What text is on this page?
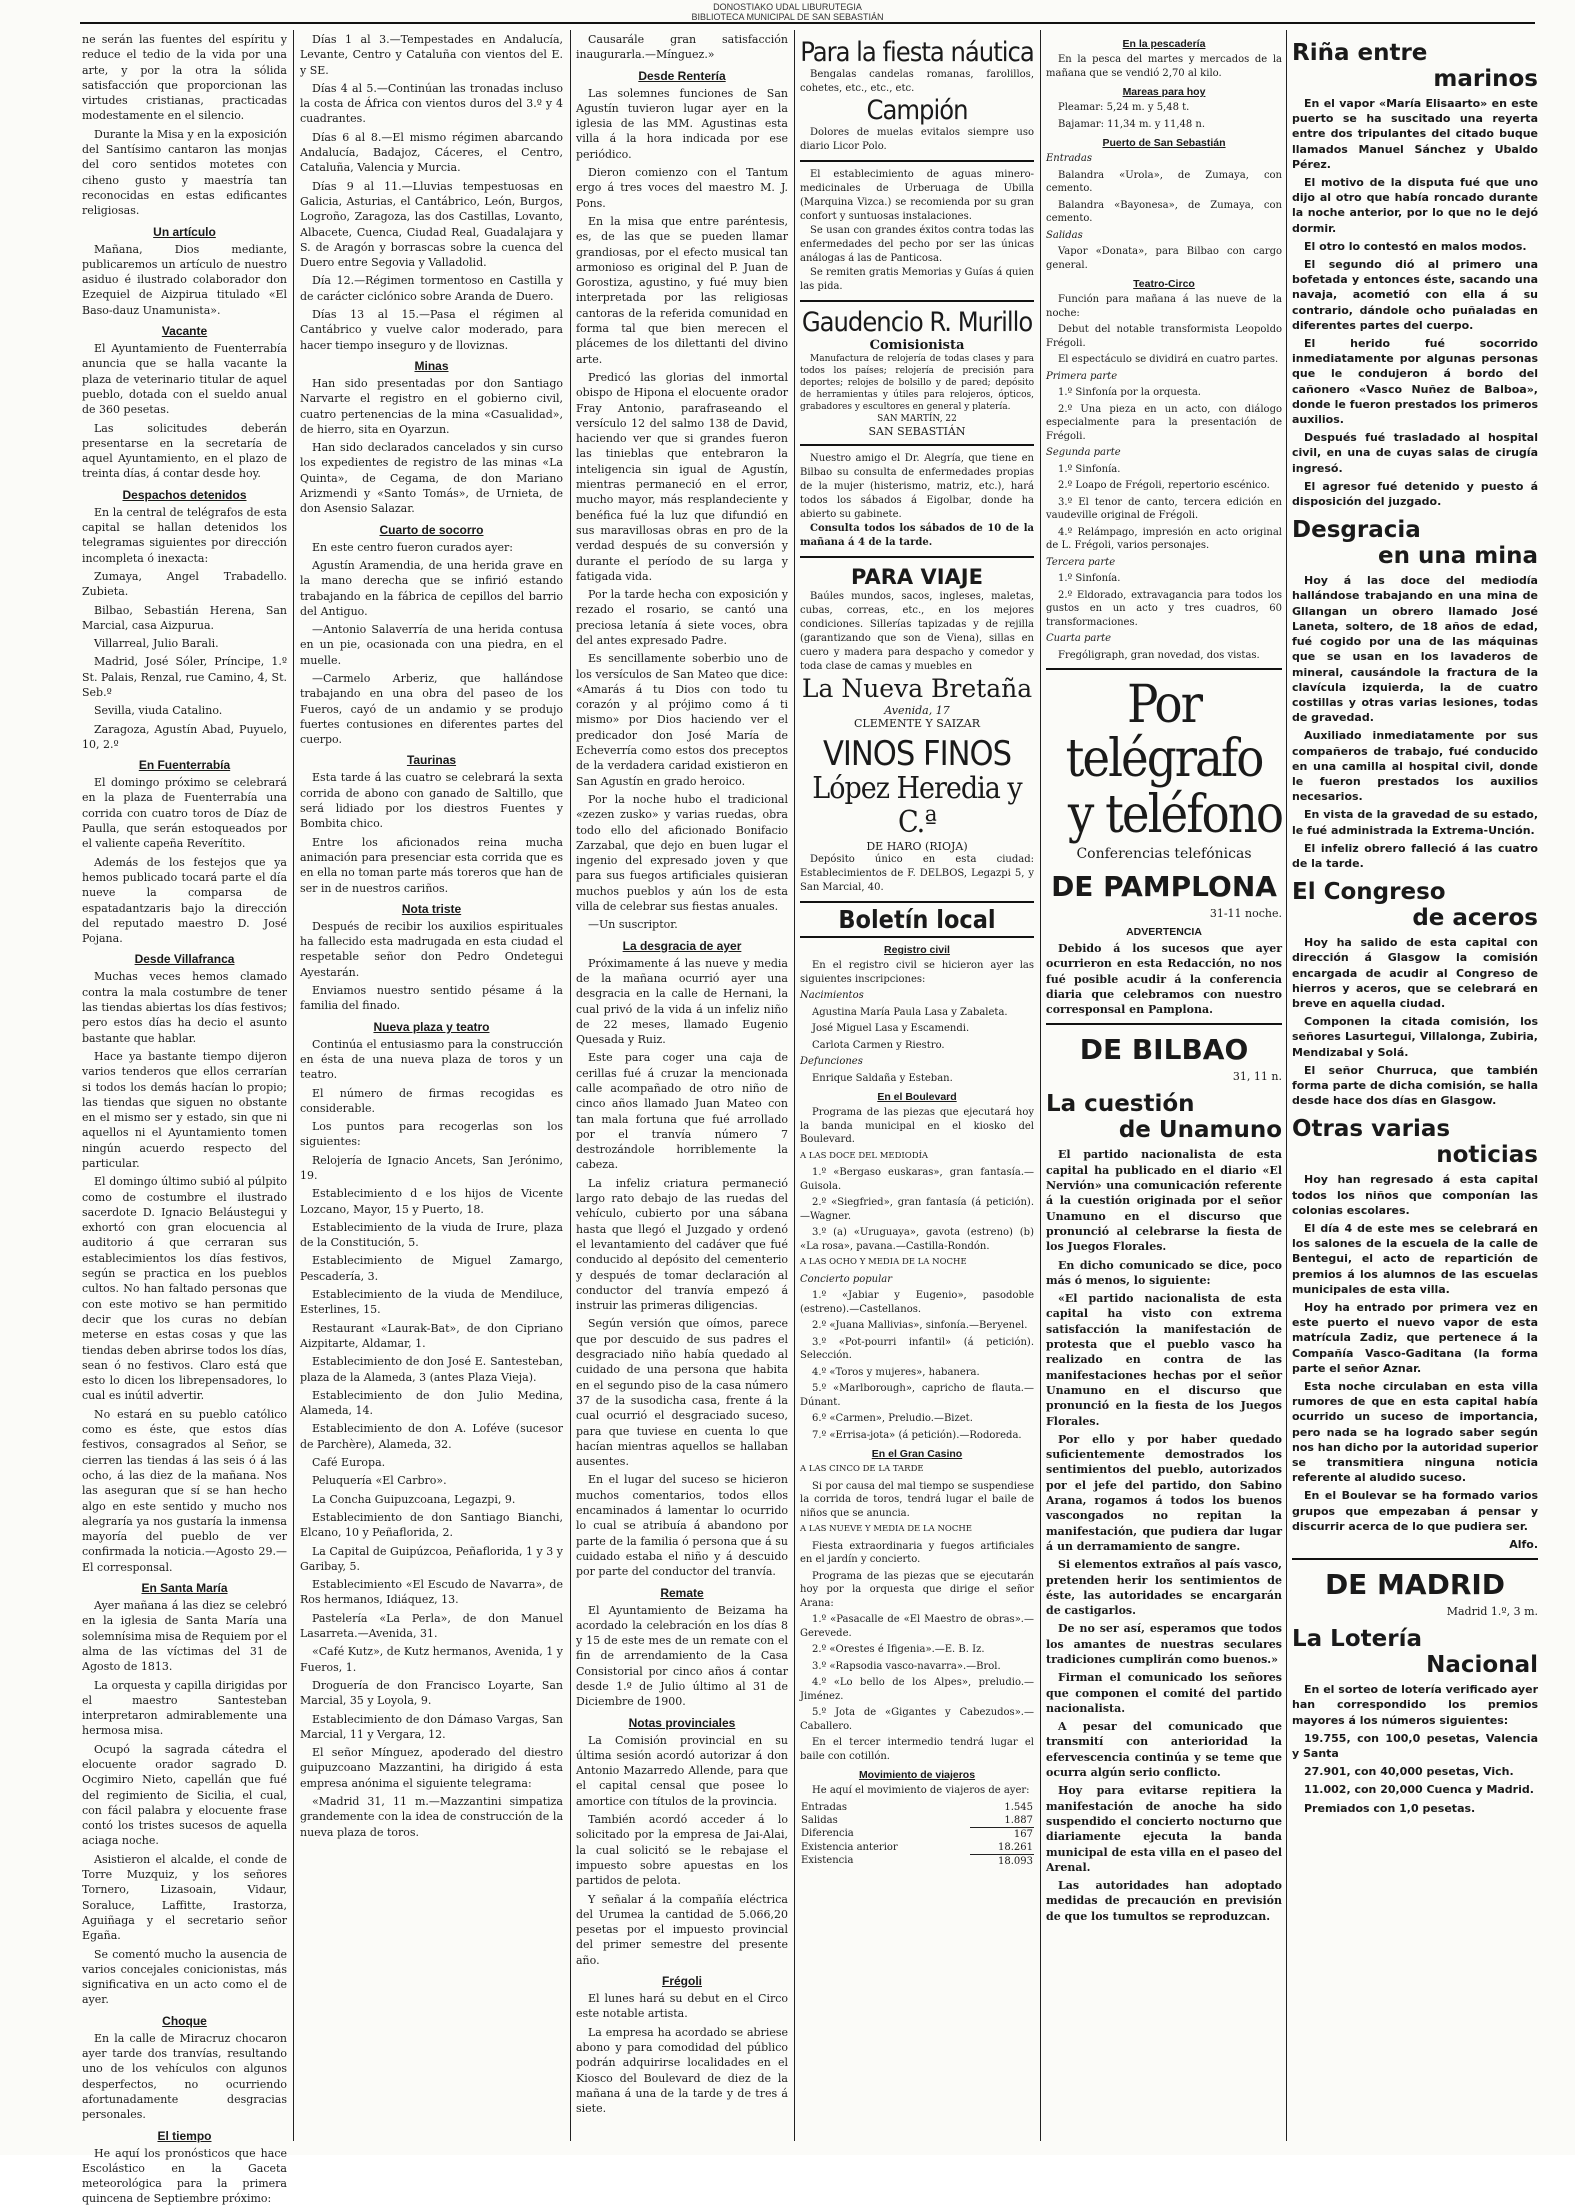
DONOSTIAKO UDAL LIBURUTEGIA
BIBLIOTECA MUNICIPAL DE SAN SEBASTIÁN

ne serán las fuentes del espíritu y reduce el tedio de la vida por una arte, y por la otra la sólida satisfacción que proporcionan las virtudes cristianas, practicadas modestamente en el silencio.

Durante la Misa y en la exposición del Santísimo cantaron las monjas del coro sentidos motetes con ciheno gusto y maestría tan reconocidas en estas edificantes religiosas.

Un artículo

Mañana, Dios mediante, publicaremos un artículo de nuestro asiduo é ilustrado colaborador don Ezequiel de Aizpirua titulado «El Baso-dauz Unamunista».

Vacante

El Ayuntamiento de Fuenterrabía anuncia que se halla vacante la plaza de veterinario titular de aquel pueblo, dotada con el sueldo anual de 360 pesetas.

Las solicitudes deberán presentarse en la secretaría de aquel Ayuntamiento, en el plazo de treinta días, á contar desde hoy.

Despachos detenidos

En la central de telégrafos de esta capital se hallan detenidos los telegramas siguientes por dirección incompleta ó inexacta:

Zumaya, Angel Trabadello. Zubieta.

Bilbao, Sebastián Herena, San Marcial, casa Aizpurua.

Villarreal, Julio Barali.

Madrid, José Sóler, Príncipe, 1.º St. Palais, Renzal, rue Camino, 4, St. Seb.º

Sevilla, viuda Catalino.

Zaragoza, Agustín Abad, Puyuelo, 10, 2.º

En Fuenterrabía

El domingo próximo se celebrará en la plaza de Fuenterrabía una corrida con cuatro toros de Díaz de Paulla, que serán estoqueados por el valiente capeña Reverítito.

Además de los festejos que ya hemos publicado tocará parte el día nueve la comparsa de espatadantzaris bajo la dirección del reputado maestro D. José Pojana.

Desde Villafranca

Muchas veces hemos clamado contra la mala costumbre de tener las tiendas abiertas los días festivos; pero estos días ha decio el asunto bastante que hablar.

Hace ya bastante tiempo dijeron varios tenderos que ellos cerrarían si todos los demás hacían lo propio; las tiendas que siguen no obstante en el mismo ser y estado, sin que ni aquellos ni el Ayuntamiento tomen ningún acuerdo respecto del particular.

El domingo último subió al púlpito como de costumbre el ilustrado sacerdote D. Ignacio Beláustegui y exhortó con gran elocuencia al auditorio á que cerraran sus establecimientos los días festivos, según se practica en los pueblos cultos. No han faltado personas que con este motivo se han permitido decir que los curas no debían meterse en estas cosas y que las tiendas deben abrirse todos los días, sean ó no festivos. Claro está que esto lo dicen los librepensadores, lo cual es inútil advertir.

No estará en su pueblo católico como es éste, que estos días festivos, consagrados al Señor, se cierren las tiendas á las seis ó á las ocho, á las diez de la mañana. Nos las aseguran que sí se han hecho algo en este sentido y mucho nos alegraría ya nos gustaría la inmensa mayoría del pueblo de ver confirmada la noticia.—Agosto 29.—El corresponsal.

En Santa María

Ayer mañana á las diez se celebró en la iglesia de Santa María una solemnísima misa de Requiem por el alma de las víctimas del 31 de Agosto de 1813.

La orquesta y capilla dirigidas por el maestro Santesteban interpretaron admirablemente una hermosa misa.

Ocupó la sagrada cátedra el elocuente orador sagrado D. Ocgimiro Nieto, capellán que fué del regimiento de Sicilia, el cual, con fácil palabra y elocuente frase contó los tristes sucesos de aquella aciaga noche.

Asistieron el alcalde, el conde de Torre Muzquiz, y los señores Tornero, Lizasoain, Vidaur, Soraluce, Laffitte, Irastorza, Aguiñaga y el secretario señor Egaña.

Se comentó mucho la ausencia de varios concejales conicionistas, más significativa en un acto como el de ayer.

Choque

En la calle de Miracruz chocaron ayer tarde dos tranvías, resultando uno de los vehículos con algunos desperfectos, no ocurriendo afortunadamente desgracias personales.

El tiempo

He aquí los pronósticos que hace Escolástico en la Gaceta meteorológica para la primera quincena de Septiembre próximo:

Días 1 al 3.—Tempestades en Andalucía, Levante, Centro y Cataluña con vientos del E. y SE.

Días 4 al 5.—Continúan las tronadas incluso la costa de África con vientos duros del 3.º y 4 cuadrantes.

Días 6 al 8.—El mismo régimen abarcando Andalucía, Badajoz, Cáceres, el Centro, Cataluña, Valencia y Murcia.

Días 9 al 11.—Lluvias tempestuosas en Galicia, Asturias, el Cantábrico, León, Burgos, Logroño, Zaragoza, las dos Castillas, Lovanto, Albacete, Cuenca, Ciudad Real, Guadalajara y S. de Aragón y borrascas sobre la cuenca del Duero entre Segovia y Valladolid.

Día 12.—Régimen tormentoso en Castilla y de carácter ciclónico sobre Aranda de Duero.

Días 13 al 15.—Pasa el régimen al Cantábrico y vuelve calor moderado, para hacer tiempo inseguro y de lloviznas.

Minas

Han sido presentadas por don Santiago Narvarte el registro en el gobierno civil, cuatro pertenencias de la mina «Casualidad», de hierro, sita en Oyarzun.

Han sido declarados cancelados y sin curso los expedientes de registro de las minas «La Quinta», de Cegama, de don Mariano Arizmendi y «Santo Tomás», de Urnieta, de don Asensio Salazar.

Cuarto de socorro

En este centro fueron curados ayer:

Agustín Aramendia, de una herida grave en la mano derecha que se infirió estando trabajando en la fábrica de cepillos del barrio del Antiguo.

—Antonio Salaverría de una herida contusa en un pie, ocasionada con una piedra, en el muelle.

—Carmelo Arberiz, que hallándose trabajando en una obra del paseo de los Fueros, cayó de un andamio y se produjo fuertes contusiones en diferentes partes del cuerpo.

Taurinas

Esta tarde á las cuatro se celebrará la sexta corrida de abono con ganado de Saltillo, que será lidiado por los diestros Fuentes y Bombita chico.

Entre los aficionados reina mucha animación para presenciar esta corrida que es en ella no toman parte más toreros que han de ser in de nuestros cariños.

Nota triste

Después de recibir los auxilios espirituales ha fallecido esta madrugada en esta ciudad el respetable señor don Pedro Ondetegui Ayestarán.

Enviamos nuestro sentido pésame á la familia del finado.

Nueva plaza y teatro

Continúa el entusiasmo para la construcción en ésta de una nueva plaza de toros y un teatro.

El número de firmas recogidas es considerable.

Los puntos para recogerlas son los siguientes:

Relojería de Ignacio Ancets, San Jerónimo, 19.

Establecimiento d e los hijos de Vicente Lozcano, Mayor, 15 y Puerto, 18.

Establecimiento de la viuda de Irure, plaza de la Constitución, 5.

Establecimiento de Miguel Zamargo, Pescadería, 3.

Establecimiento de la viuda de Mendiluce, Esterlines, 15.

Restaurant «Laurak-Bat», de don Cipriano Aizpitarte, Aldamar, 1.

Establecimiento de don José E. Santesteban, plaza de la Alameda, 3 (antes Plaza Vieja).

Establecimiento de don Julio Medina, Alameda, 14.

Establecimiento de don A. Loféve (sucesor de Parchère), Alameda, 32.

Café Europa.

Peluquería «El Carbro».

La Concha Guipuzcoana, Legazpi, 9.

Establecimiento de don Santiago Bianchi, Elcano, 10 y Peñaflorida, 2.

La Capital de Guipúzcoa, Peñaflorida, 1 y 3 y Garibay, 5.

Establecimiento «El Escudo de Navarra», de Ros hermanos, Idiáquez, 13.

Pastelería «La Perla», de don Manuel Lasarreta.—Avenida, 31.

«Café Kutz», de Kutz hermanos, Avenida, 1 y Fueros, 1.

Droguería de don Francisco Loyarte, San Marcial, 35 y Loyola, 9.

Establecimiento de don Dámaso Vargas, San Marcial, 11 y Vergara, 12.

El señor Mínguez, apoderado del diestro guipuzcoano Mazzantini, ha dirigido á esta empresa anónima el siguiente telegrama:

«Madrid 31, 11 m.—Mazzantini simpatiza grandemente con la idea de construcción de la nueva plaza de toros.

Causarále gran satisfacción inaugurarla.—Mínguez.»

Desde Rentería

Las solemnes funciones de San Agustín tuvieron lugar ayer en la iglesia de las MM. Agustinas esta villa á la hora indicada por ese periódico.

Dieron comienzo con el Tantum ergo á tres voces del maestro M. J. Pons.

En la misa que entre paréntesis, es, de las que se pueden llamar grandiosas, por el efecto musical tan armonioso es original del P. Juan de Gorostiza, agustino, y fué muy bien interpretada por las religiosas cantoras de la referida comunidad en forma tal que bien merecen el plácemes de los dilettanti del divino arte.

Predicó las glorias del inmortal obispo de Hipona el elocuente orador Fray Antonio, parafraseando el versículo 12 del salmo 138 de David, haciendo ver que si grandes fueron las tinieblas que entebraron la inteligencia sin igual de Agustín, mientras permaneció en el error, mucho mayor, más resplandeciente y benéfica fué la luz que difundió en sus maravillosas obras en pro de la verdad después de su conversión y durante el período de su larga y fatigada vida.

Por la tarde hecha con exposición y rezado el rosario, se cantó una preciosa letanía á siete voces, obra del antes expresado Padre.

Es sencillamente soberbio uno de los versículos de San Mateo que dice: «Amarás á tu Dios con todo tu corazón y al prójimo como á ti mismo» por Dios haciendo ver el predicador don José María de Echeverría como estos dos preceptos de la verdadera caridad existieron en San Agustín en grado heroico.

Por la noche hubo el tradicional «zezen zusko» y varias ruedas, obra todo ello del aficionado Bonifacio Zarzabal, que dejo en buen lugar el ingenio del expresado joven y que para sus fuegos artificiales quisieran muchos pueblos y aún los de esta villa de celebrar sus fiestas anuales.

—Un suscriptor.

La desgracia de ayer

Próximamente á las nueve y media de la mañana ocurrió ayer una desgracia en la calle de Hernani, la cual privó de la vida á un infeliz niño de 22 meses, llamado Eugenio Quesada y Ruiz.

Este para coger una caja de cerillas fué á cruzar la mencionada calle acompañado de otro niño de cinco años llamado Juan Mateo con tan mala fortuna que fué arrollado por el tranvía número 7 destrozándole horriblemente la cabeza.

La infeliz criatura permaneció largo rato debajo de las ruedas del vehículo, cubierto por una sábana hasta que llegó el Juzgado y ordenó el levantamiento del cadáver que fué conducido al depósito del cementerio y después de tomar declaración al conductor del tranvía empezó á instruir las primeras diligencias.

Según versión que oímos, parece que por descuido de sus padres el desgraciado niño había quedado al cuidado de una persona que habita en el segundo piso de la casa número 37 de la susodicha casa, frente á la cual ocurrió el desgraciado suceso, para que tuviese en cuenta lo que hacían mientras aquellos se hallaban ausentes.

En el lugar del suceso se hicieron muchos comentarios, todos ellos encaminados á lamentar lo ocurrido lo cual se atribuía á abandono por parte de la familia ó persona que á su cuidado estaba el niño y á descuido por parte del conductor del tranvía.

Remate

El Ayuntamiento de Beizama ha acordado la celebración en los días 8 y 15 de este mes de un remate con el fin de arrendamiento de la Casa Consistorial por cinco años á contar desde 1.º de Julio último al 31 de Diciembre de 1900.

Notas provinciales

La Comisión provincial en su última sesión acordó autorizar á don Antonio Mazarredo Allende, para que el capital censal que posee lo amortice con títulos de la provincia.

También acordó acceder á lo solicitado por la empresa de Jai-Alai, la cual solicitó se le rebajase el impuesto sobre apuestas en los partidos de pelota.

Y señalar á la compañía eléctrica del Urumea la cantidad de 5.066,20 pesetas por el impuesto provincial del primer semestre del presente año.

Frégoli

El lunes hará su debut en el Circo este notable artista.

La empresa ha acordado se abriese abono y para comodidad del público podrán adquirirse localidades en el Kiosco del Boulevard de diez de la mañana á una de la tarde y de tres á siete.

Para la fiesta náutica
Bengalas candelas romanas, farolillos, cohetes, etc., etc., etc.
Campión
Dolores de muelas evitalos siempre uso diario Licor Polo.
El establecimiento de aguas minero-medicinales de Urberuaga de Ubilla (Marquina Vizca.) se recomienda por su gran confort y suntuosas instalaciones.
Se usan con grandes éxitos contra todas las enfermedades del pecho por ser las únicas análogas á las de Panticosa.
Se remiten gratis Memorias y Guías á quien las pida.
Gaudencio R. Murillo
Comisionista
Manufactura de relojería de todas clases y para todos los países; relojería de precisión para deportes; relojes de bolsillo y de pared; depósito de herramientas y útiles para relojeros, ópticos, grabadores y escultores en general y platería.
SAN MARTÍN, 22
SAN SEBASTIÁN
Nuestro amigo el Dr. Alegría, que tiene en Bilbao su consulta de enfermedades propias de la mujer (histerismo, matriz, etc.), hará todos los sábados á Eigolbar, donde ha abierto su gabinete.
Consulta todos los sábados de 10 de la mañana á 4 de la tarde.
PARA VIAJE
Baúles mundos, sacos, ingleses, maletas, cubas, correas, etc., en los mejores condiciones. Sillerías tapizadas y de rejilla (garantizando que son de Viena), sillas en cuero y madera para despacho y comedor y toda clase de camas y muebles en
La Nueva Bretaña
Avenida, 17
CLEMENTE Y SAIZAR
VINOS FINOS
López Heredia y C.ª
DE HARO (RIOJA)
Depósito único en esta ciudad: Establecimientos de F. DELBOS, Legazpi 5, y San Marcial, 40.
Boletín local
Registro civil

En el registro civil se hicieron ayer las siguientes inscripciones:

Nacimientos

Agustina María Paula Lasa y Zabaleta.

José Miguel Lasa y Escamendi.

Carlota Carmen y Riestro.

Defunciones

Enrique Saldaña y Esteban.

En el Boulevard

Programa de las piezas que ejecutará hoy la banda municipal en el kiosko del Boulevard.

A LAS DOCE DEL MEDIODÍA

1.º «Bergaso euskaras», gran fantasía.—Guisola.

2.º «Siegfried», gran fantasía (á petición).—Wagner.

3.º (a) «Uruguaya», gavota (estreno) (b) «La rosa», pavana.—Castilla-Rondón.

A LAS OCHO Y MEDIA DE LA NOCHE

Concierto popular

1.º «Jabiar y Eugenio», pasodoble (estreno).—Castellanos.

2.º «Juana Mallivias», sinfonía.—Beryenel.

3.º «Pot-pourri infantil» (á petición). Selección.

4.º «Toros y mujeres», habanera.

5.º «Marlborough», capricho de flauta.—Dúnant.

6.º «Carmen», Preludio.—Bizet.

7.º «Errisa-jota» (á petición).—Rodoreda.

En el Gran Casino

A LAS CINCO DE LA TARDE

Si por causa del mal tiempo se suspendiese la corrida de toros, tendrá lugar el baile de niños que se anuncia.

A LAS NUEVE Y MEDIA DE LA NOCHE

Fiesta extraordinaria y fuegos artificiales en el jardín y concierto.

Programa de las piezas que se ejecutarán hoy por la orquesta que dirige el señor Arana:

1.º «Pasacalle de «El Maestro de obras».—Gerevede.

2.º «Orestes é Ifigenia».—E. B. Iz.

3.º «Rapsodia vasco-navarra».—Brol.

4.º «Lo bello de los Alpes», preludio.—Jiménez.

5.º Jota de «Gigantes y Cabezudos».—Caballero.

En el tercer intermedio tendrá lugar el baile con cotillón.

Movimiento de viajeros

He aquí el movimiento de viajeros de ayer:

Entradas	1.545
Salidas	1.887
Diferencia	167
Existencia anterior	18.261
Existencia	18.093
En la pescadería

En la pesca del martes y mercados de la mañana que se vendió 2,70 al kilo.

Mareas para hoy

Pleamar: 5,24 m. y 5,48 t.

Bajamar: 11,34 m. y 11,48 n.

Puerto de San Sebastián

Entradas

Balandra «Urola», de Zumaya, con cemento.

Balandra «Bayonesa», de Zumaya, con cemento.

Salidas

Vapor «Donata», para Bilbao con cargo general.

Teatro-Circo

Función para mañana á las nueve de la noche:

Debut del notable transformista Leopoldo Frégoli.

El espectáculo se dividirá en cuatro partes.

Primera parte

1.º Sinfonía por la orquesta.

2.º Una pieza en un acto, con diálogo especialmente para la presentación de Frégoli.

Segunda parte

1.º Sinfonía.

2.º Loapo de Frégoli, repertorio escénico.

3.º El tenor de canto, tercera edición en vaudeville original de Frégoli.

4.º Relámpago, impresión en acto original de L. Frégoli, varios personajes.

Tercera parte

1.º Sinfonía.

2.º Eldorado, extravagancia para todos los gustos en un acto y tres cuadros, 60 transformaciones.

Cuarta parte

Frególigraph, gran novedad, dos vistas.

Por telégrafo
y teléfono
Conferencias telefónicas
DE PAMPLONA
31-11 noche.
ADVERTENCIA

Debido á los sucesos que ayer ocurrieron en esta Redacción, no nos fué posible acudir á la conferencia diaria que celebramos con nuestro corresponsal en Pamplona.

DE BILBAO
31, 11 n.
La cuestión
de Unamuno

El partido nacionalista de esta capital ha publicado en el diario «El Nervión» una comunicación referente á la cuestión originada por el señor Unamuno en el discurso que pronunció al celebrarse la fiesta de los Juegos Florales.

En dicho comunicado se dice, poco más ó menos, lo siguiente:

«El partido nacionalista de esta capital ha visto con extrema satisfacción la manifestación de protesta que el pueblo vasco ha realizado en contra de las manifestaciones hechas por el señor Unamuno en el discurso que pronunció en la fiesta de los Juegos Florales.

Por ello y por haber quedado suficientemente demostrados los sentimientos del pueblo, autorizados por el jefe del partido, don Sabino Arana, rogamos á todos los buenos vascongados no repitan la manifestación, que pudiera dar lugar á un derramamiento de sangre.

Si elementos extraños al país vasco, pretenden herir los sentimientos de éste, las autoridades se encargarán de castigarlos.

De no ser así, esperamos que todos los amantes de nuestras seculares tradiciones cumplirán como buenos.»

Firman el comunicado los señores que componen el comité del partido nacionalista.

A pesar del comunicado que transmití con anterioridad la efervescencia continúa y se teme que ocurra algún serio conflicto.

Hoy para evitarse repitiera la manifestación de anoche ha sido suspendido el concierto nocturno que diariamente ejecuta la banda municipal de esta villa en el paseo del Arenal.

Las autoridades han adoptado medidas de precaución en previsión de que los tumultos se reproduzcan.

Riña entre
marinos

En el vapor «María Elisaarto» en este puerto se ha suscitado una reyerta entre dos tripulantes del citado buque llamados Manuel Sánchez y Ubaldo Pérez.

El motivo de la disputa fué que uno dijo al otro que había roncado durante la noche anterior, por lo que no le dejó dormir.

El otro lo contestó en malos modos.

El segundo dió al primero una bofetada y entonces éste, sacando una navaja, acometió con ella á su contrario, dándole ocho puñaladas en diferentes partes del cuerpo.

El herido fué socorrido inmediatamente por algunas personas que le condujeron á bordo del cañonero «Vasco Nuñez de Balboa», donde le fueron prestados los primeros auxilios.

Después fué trasladado al hospital civil, en una de cuyas salas de cirugía ingresó.

El agresor fué detenido y puesto á disposición del juzgado.

Desgracia
en una mina

Hoy á las doce del mediodía hallándose trabajando en una mina de Gllangan un obrero llamado José Laneta, soltero, de 18 años de edad, fué cogido por una de las máquinas que se usan en los lavaderos de mineral, causándole la fractura de la clavícula izquierda, la de cuatro costillas y otras varias lesiones, todas de gravedad.

Auxiliado inmediatamente por sus compañeros de trabajo, fué conducido en una camilla al hospital civil, donde le fueron prestados los auxilios necesarios.

En vista de la gravedad de su estado, le fué administrada la Extrema-Unción.

El infeliz obrero falleció á las cuatro de la tarde.

El Congreso
de aceros

Hoy ha salido de esta capital con dirección á Glasgow la comisión encargada de acudir al Congreso de hierros y aceros, que se celebrará en breve en aquella ciudad.

Componen la citada comisión, los señores Lasurtegui, Villalonga, Zubiria, Mendizabal y Solá.

El señor Churruca, que también forma parte de dicha comisión, se halla desde hace dos días en Glasgow.

Otras varias
noticias

Hoy han regresado á esta capital todos los niños que componían las colonias escolares.

El día 4 de este mes se celebrará en los salones de la escuela de la calle de Bentegui, el acto de repartición de premios á los alumnos de las escuelas municipales de esta villa.

Hoy ha entrado por primera vez en este puerto el nuevo vapor de esta matrícula Zadiz, que pertenece á la Compañía Vasco-Gaditana (la forma parte el señor Aznar.

Esta noche circulaban en esta villa rumores de que en esta capital había ocurrido un suceso de importancia, pero nada se ha logrado saber según nos han dicho por la autoridad superior se transmitiera ninguna noticia referente al aludido suceso.

En el Boulevar se ha formado varios grupos que empezaban á pensar y discurrir acerca de lo que pudiera ser.

Alfo.

DE MADRID
Madrid 1.º, 3 m.
La Lotería
Nacional

En el sorteo de lotería verificado ayer han correspondido los premios mayores á los números siguientes:

19.755, con 100,0 pesetas, Valencia y Santa

27.901, con 40,000 pesetas, Vich.

11.002, con 20,000 Cuenca y Madrid.

Premiados con 1,0 pesetas.
